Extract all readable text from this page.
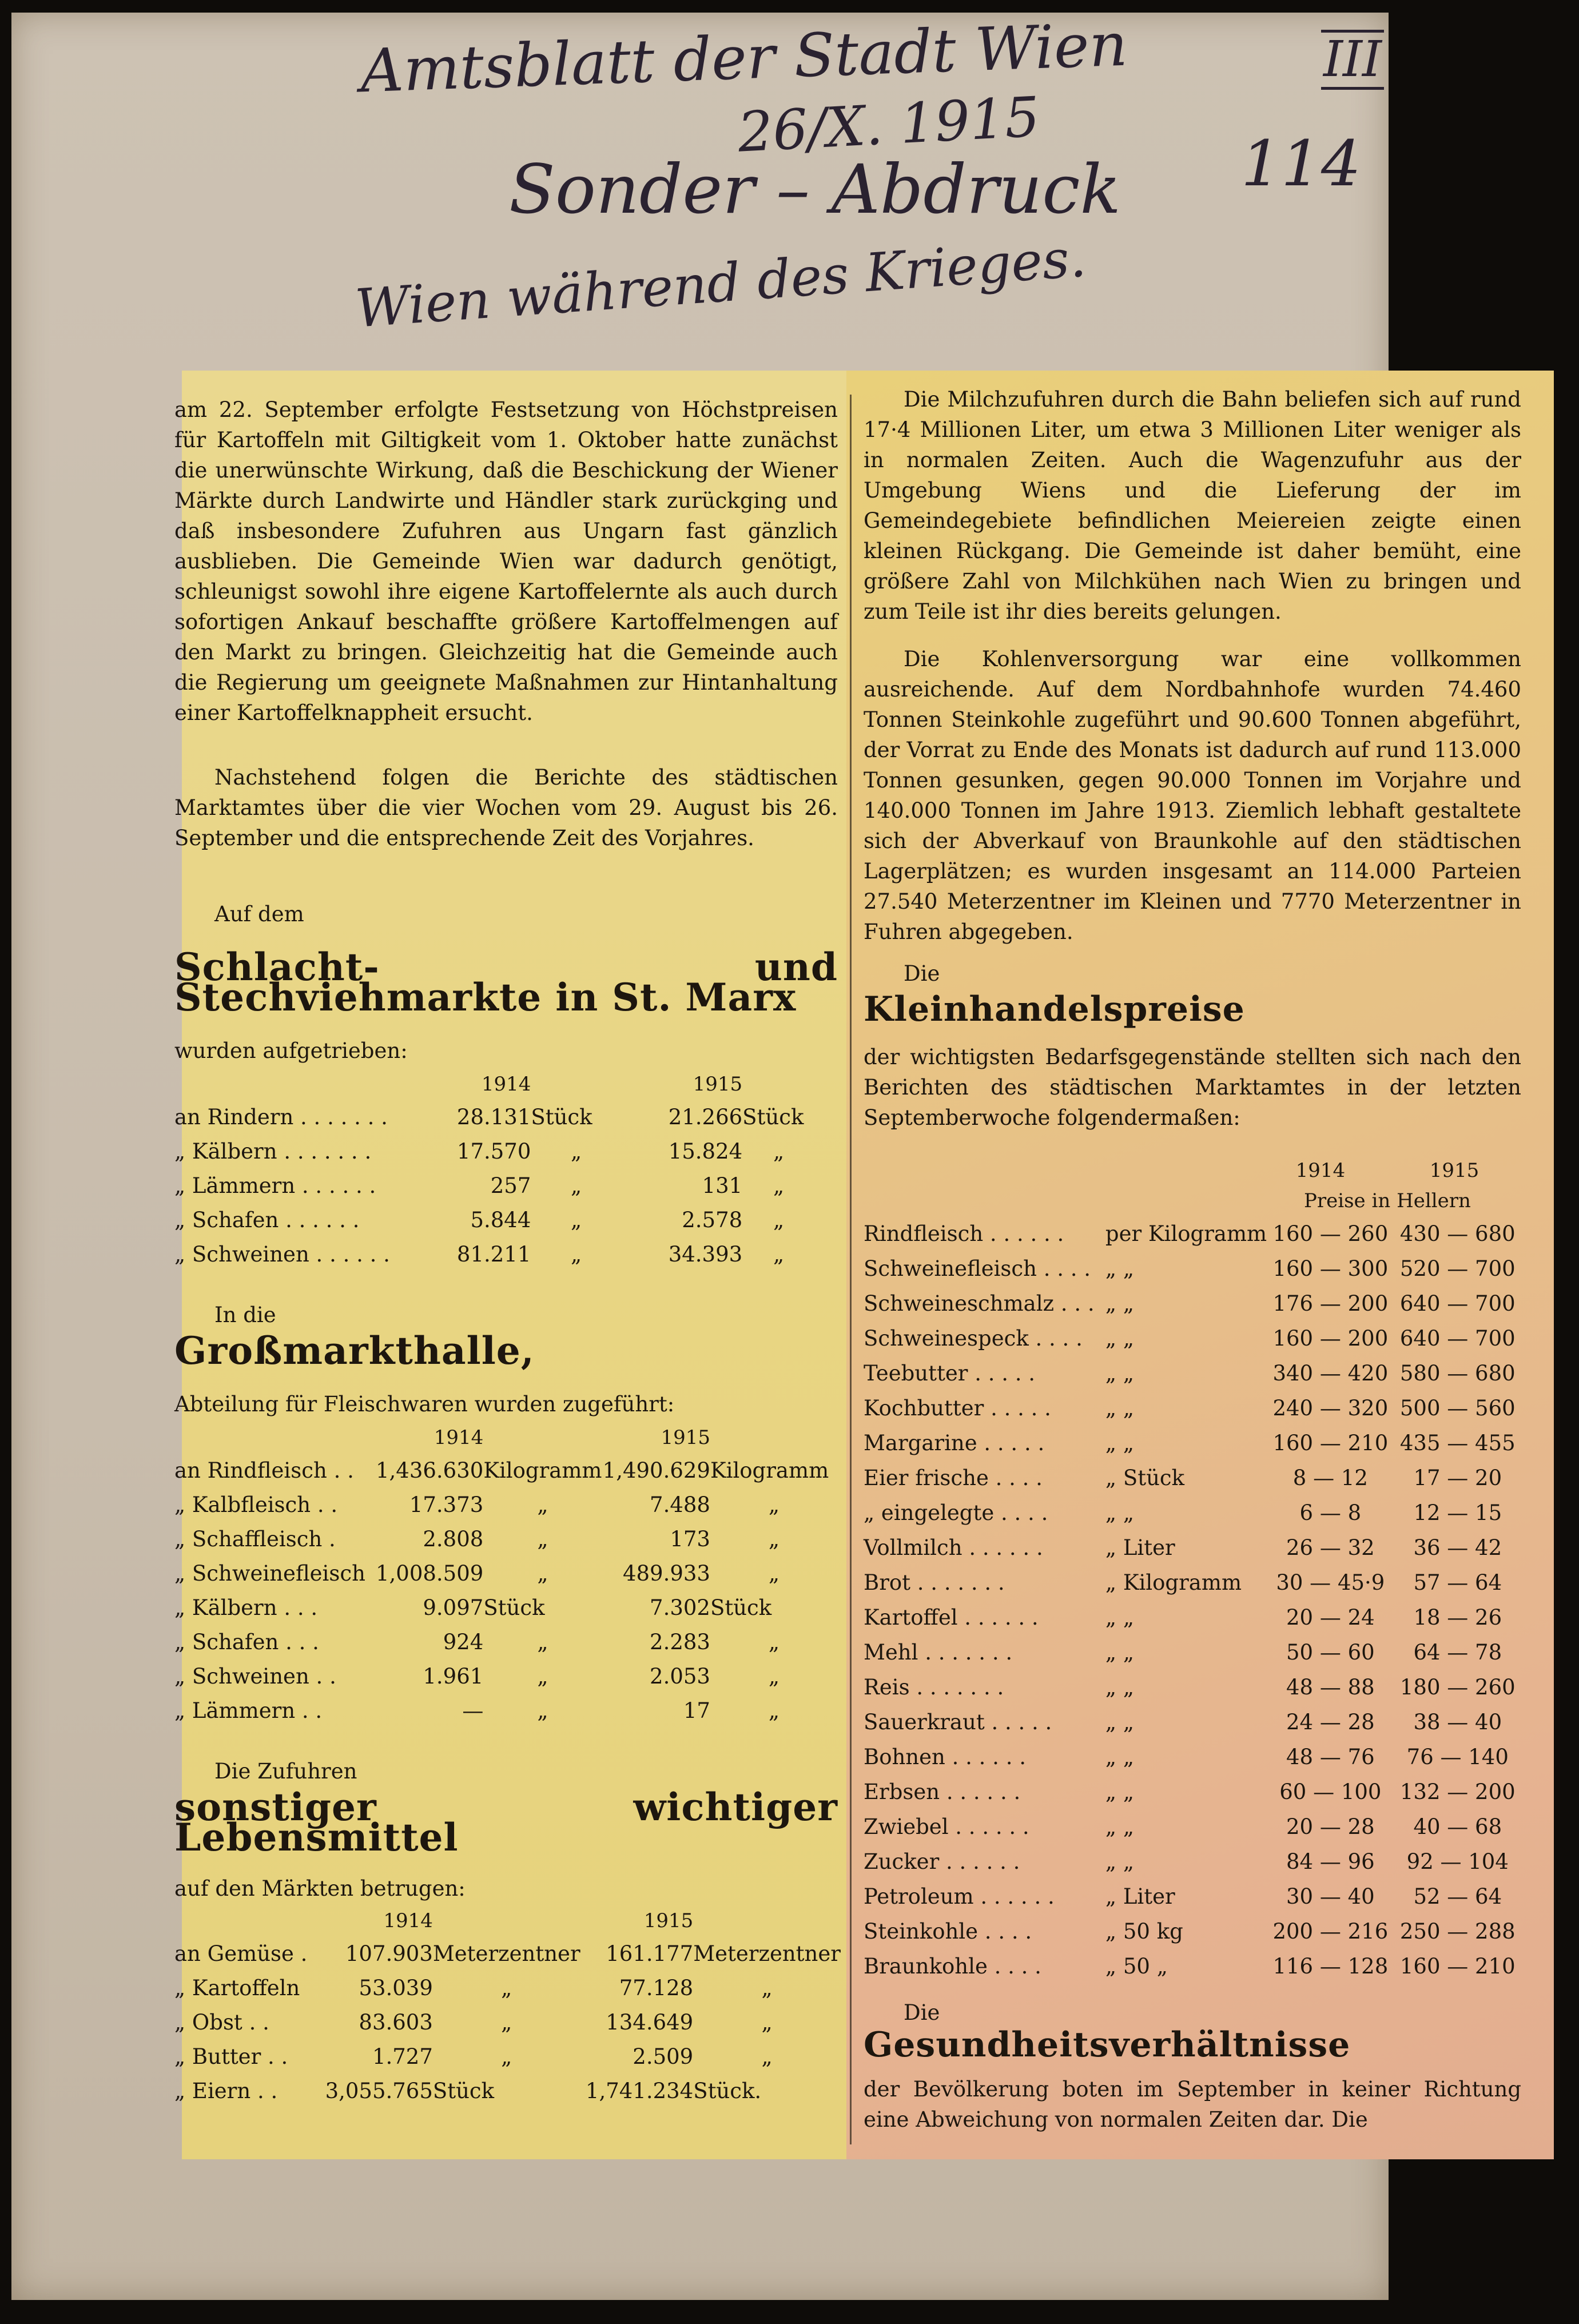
Amtsblatt der Stadt Wien
26/X. 1915
Sonder – Abdruck
Wien während des Krieges.
114
III

am 22. September erfolgte Festsetzung von Höchstpreisen für Kartoffeln mit Giltigkeit vom 1. Oktober hatte zunächst die unerwünschte Wirkung, daß die Beschickung der Wiener Märkte durch Landwirte und Händler stark zurückging und daß insbesondere Zufuhren aus Ungarn fast gänzlich ausblieben. Die Gemeinde Wien war dadurch genötigt, schleunigst sowohl ihre eigene Kartoffelernte als auch durch sofortigen Ankauf beschaffte größere Kartoffelmengen auf den Markt zu bringen. Gleichzeitig hat die Gemeinde auch die Regierung um geeignete Maßnahmen zur Hintanhaltung einer Kartoffelknappheit ersucht.

Nachstehend folgen die Berichte des städtischen Marktamtes über die vier Wochen vom 29. August bis 26. September und die entsprechende Zeit des Vorjahres.

Auf dem

Schlacht- und Stechviehmarkte in St. Marx

wurden aufgetrieben:

	1914		1915	
an Rindern . . . . . . .	28.131	Stück	21.266	Stück
„ Kälbern . . . . . . .	17.570	„	15.824	„
„ Lämmern . . . . . .	257	„	131	„
„ Schafen . . . . . .	5.844	„	2.578	„
„ Schweinen . . . . . .	81.211	„	34.393	„

In die

Großmarkthalle,

Abteilung für Fleischwaren wurden zugeführt:

	1914		1915	
an Rindfleisch . .	1,436.630	Kilogramm	1,490.629	Kilogramm
„ Kalbfleisch . .	17.373	„	7.488	„
„ Schaffleisch .	2.808	„	173	„
„ Schweinefleisch	1,008.509	„	489.933	„
„ Kälbern . . .	9.097	Stück	7.302	Stück
„ Schafen . . .	924	„	2.283	„
„ Schweinen . .	1.961	„	2.053	„
„ Lämmern . .	—	„	17	„

Die Zufuhren

sonstiger wichtiger Lebensmittel

auf den Märkten betrugen:

	1914		1915	
an Gemüse .	107.903	Meterzentner	161.177	Meterzentner
„ Kartoffeln	53.039	„	77.128	„
„ Obst . .	83.603	„	134.649	„
„ Butter . .	1.727	„	2.509	„
„ Eiern . .	3,055.765	Stück	1,741.234	Stück.

Die Milchzufuhren durch die Bahn beliefen sich auf rund 17·4 Millionen Liter, um etwa 3 Millionen Liter weniger als in normalen Zeiten. Auch die Wagenzufuhr aus der Umgebung Wiens und die Lieferung der im Gemeindegebiete befindlichen Meiereien zeigte einen kleinen Rückgang. Die Gemeinde ist daher bemüht, eine größere Zahl von Milchkühen nach Wien zu bringen und zum Teile ist ihr dies bereits gelungen.

Die Kohlenversorgung war eine vollkommen ausreichende. Auf dem Nordbahnhofe wurden 74.460 Tonnen Steinkohle zugeführt und 90.600 Tonnen abgeführt, der Vorrat zu Ende des Monats ist dadurch auf rund 113.000 Tonnen gesunken, gegen 90.000 Tonnen im Vorjahre und 140.000 Tonnen im Jahre 1913. Ziemlich lebhaft gestaltete sich der Abverkauf von Braunkohle auf den städtischen Lagerplätzen; es wurden insgesamt an 114.000 Parteien 27.540 Meterzentner im Kleinen und 7770 Meterzentner in Fuhren abgegeben.

Die

Kleinhandelspreise

der wichtigsten Bedarfsgegenstände stellten sich nach den Berichten des städtischen Marktamtes in der letzten Septemberwoche folgendermaßen:

		1914	1915
		Preise in Hellern	
Rindfleisch . . . . . .	per Kilogramm	160 — 260	430 — 680
Schweinefleisch . . . .	„ „	160 — 300	520 — 700
Schweineschmalz . . .	„ „	176 — 200	640 — 700
Schweinespeck . . . .	„ „	160 — 200	640 — 700
Teebutter . . . . .	„ „	340 — 420	580 — 680
Kochbutter . . . . .	„ „	240 — 320	500 — 560
Margarine . . . . .	„ „	160 — 210	435 — 455
Eier frische . . . .	„ Stück	8 — 12	17 — 20
„ eingelegte . . . .	„ „	6 — 8	12 — 15
Vollmilch . . . . . .	„ Liter	26 — 32	36 — 42
Brot . . . . . . .	„ Kilogramm	30 — 45·9	57 — 64
Kartoffel . . . . . .	„ „	20 — 24	18 — 26
Mehl . . . . . . .	„ „	50 — 60	64 — 78
Reis . . . . . . .	„ „	48 — 88	180 — 260
Sauerkraut . . . . .	„ „	24 — 28	38 — 40
Bohnen . . . . . .	„ „	48 — 76	76 — 140
Erbsen . . . . . .	„ „	60 — 100	132 — 200
Zwiebel . . . . . .	„ „	20 — 28	40 — 68
Zucker . . . . . .	„ „	84 — 96	92 — 104
Petroleum . . . . . .	„ Liter	30 — 40	52 — 64
Steinkohle . . . .	„ 50 kg	200 — 216	250 — 288
Braunkohle . . . .	„ 50 „	116 — 128	160 — 210

Die

Gesundheitsverhältnisse

der Bevölkerung boten im September in keiner Richtung eine Abweichung von normalen Zeiten dar. Die
